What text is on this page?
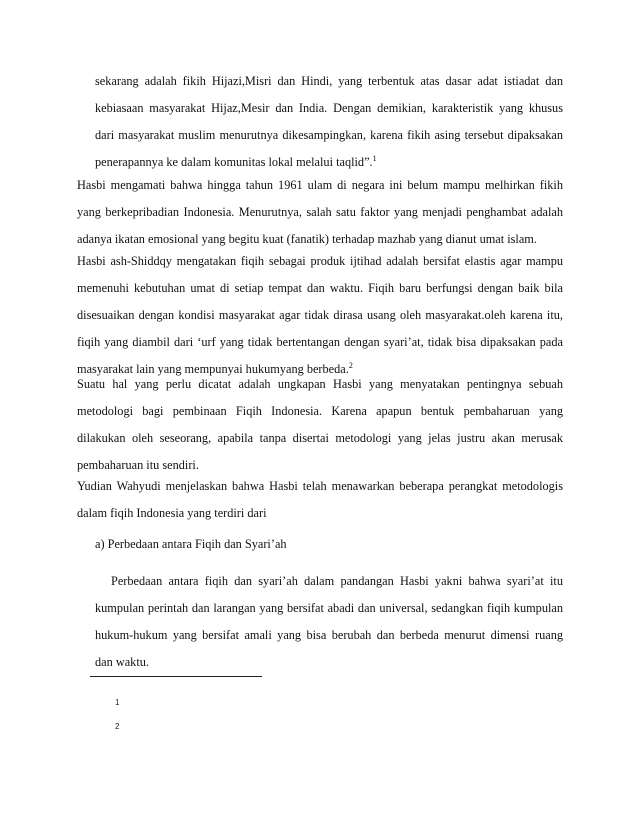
sekarang adalah fikih Hijazi,Misri dan Hindi, yang terbentuk atas dasar adat istiadat dan
kebiasaan masyarakat Hijaz,Mesir dan India. Dengan demikian, karakteristik yang khusus
dari masyarakat muslim menurutnya dikesampingkan, karena fikih asing tersebut dipaksakan
penerapannya ke dalam komunitas lokal melalui taqlid”.$^1$
Hasbi mengamati bahwa hingga tahun 1961 ulam di negara ini belum mampu melhirkan fikih
yang berkepribadian Indonesia. Menurutnya, salah satu faktor yang menjadi penghambat adalah
adanya ikatan emosional yang begitu kuat (fanatik) terhadap mazhab yang dianut umat islam.
Hasbi ash-Shiddqy mengatakan fiqih sebagai produk ijtihad adalah bersifat elastis agar mampu
memenuhi kebutuhan umat di setiap tempat dan waktu. Fiqih baru berfungsi dengan baik bila
disesuaikan dengan kondisi masyarakat agar tidak dirasa usang oleh masyarakat.oleh karena itu,
fiqih yang diambil dari ‘urf yang tidak bertentangan dengan syari’at, tidak bisa dipaksakan pada
masyarakat lain yang mempunyai hukumyang berbeda.$^2$
Suatu hal yang perlu dicatat adalah ungkapan Hasbi yang menyatakan pentingnya sebuah
metodologi bagi pembinaan Fiqih Indonesia. Karena apapun bentuk pembaharuan yang
dilakukan oleh seseorang, apabila tanpa disertai metodologi yang jelas justru akan merusak
pembaharuan itu sendiri.
Yudian Wahyudi menjelaskan bahwa Hasbi telah menawarkan beberapa perangkat metodologis
dalam fiqih Indonesia yang terdiri dari
a) Perbedaan antara Fiqih dan Syari’ah
Perbedaan antara fiqih dan syari’ah dalam pandangan Hasbi yakni bahwa syari’at itu
kumpulan perintah dan larangan yang bersifat abadi dan universal, sedangkan fiqih kumpulan
hukum-hukum yang bersifat amali yang bisa berubah dan berbeda menurut dimensi ruang
dan waktu.
1
2
